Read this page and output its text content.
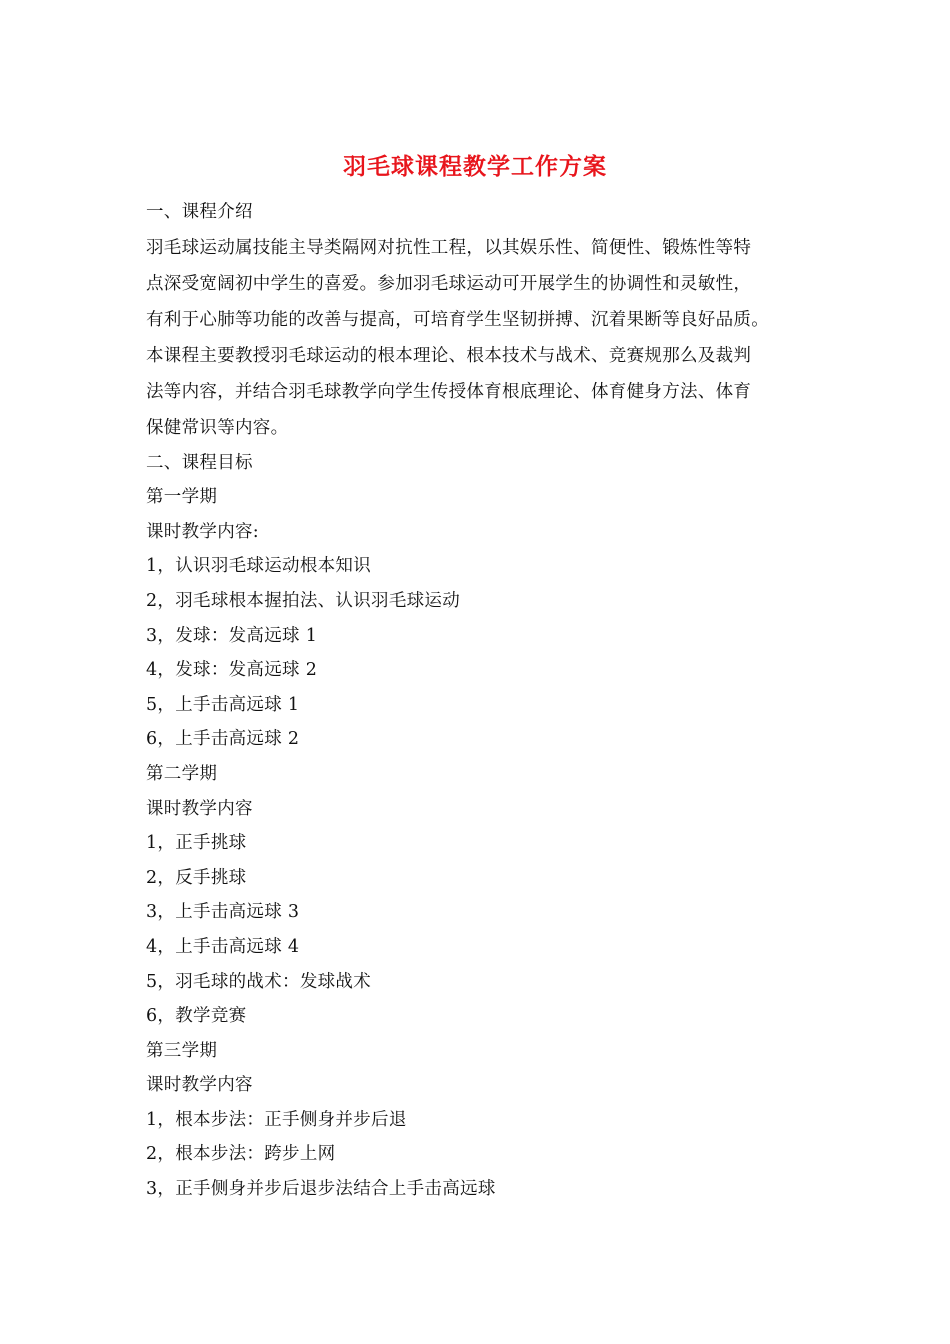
羽毛球课程教学工作方案
一、课程介绍
羽毛球运动属技能主导类隔网对抗性工程，以其娱乐性、简便性、锻炼性等特
点深受宽阔初中学生的喜爱。参加羽毛球运动可开展学生的协调性和灵敏性，
有利于心肺等功能的改善与提高，可培育学生坚韧拼搏、沉着果断等良好品质。
本课程主要教授羽毛球运动的根本理论、根本技术与战术、竞赛规那么及裁判
法等内容，并结合羽毛球教学向学生传授体育根底理论、体育健身方法、体育
保健常识等内容。
二、课程目标
第一学期
课时教学内容:
1，认识羽毛球运动根本知识
2，羽毛球根本握拍法、认识羽毛球运动
3，发球：发高远球 1
4，发球：发高远球 2
5，上手击高远球 1
6，上手击高远球 2
第二学期
课时教学内容
1，正手挑球
2，反手挑球
3，上手击高远球 3
4，上手击高远球 4
5，羽毛球的战术：发球战术
6，教学竞赛
第三学期
课时教学内容
1，根本步法：正手侧身并步后退
2，根本步法：跨步上网
3，正手侧身并步后退步法结合上手击高远球
